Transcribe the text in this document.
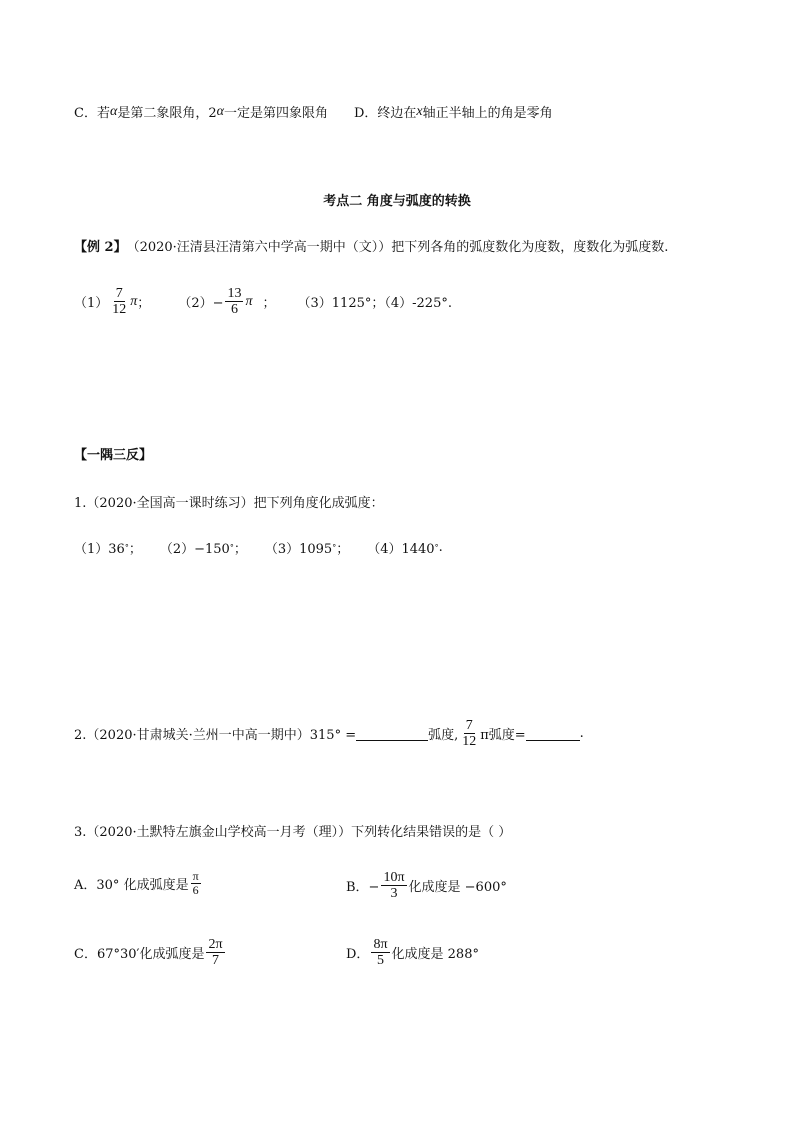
C．若 α 是第二象限角，2 α 一定是第四象限角 D．终边在 x 轴正半轴上的角是零角
考点二 角度与弧度的转换
【例 2】 （2020·汪清县汪清第六中学高一期中（文））把下列各角的弧度数化为度数，度数化为弧度数.
$(1) \frac{7}{12}$ π ； $(2)- \frac{13}{6}$ π ； （3）1125°；（4）-225°.
【一隅三反】
1.（2020·全国高一课时练习）把下列角度化成弧度：
（1）36 ° ； （2）−150 ° ； （3）1095 ° ； （4）1440 ° .
2.（2020·甘肃城关·兰州一中高一期中）315° =	弧度, $\frac{7}{12}$ π弧度=	.
3.（2020·土默特左旗金山学校高一月考（理））下列转化结果错误的是（ ）
A．30° 化成弧度是 $\frac{\pi}{6}$	B．− $\frac{10\pi}{3}$ 化成度是 −600°
C．67°30′化成弧度是 $\frac{2\pi}{7}$	D． $\frac{8\pi}{5}$ 化成度是 288°
